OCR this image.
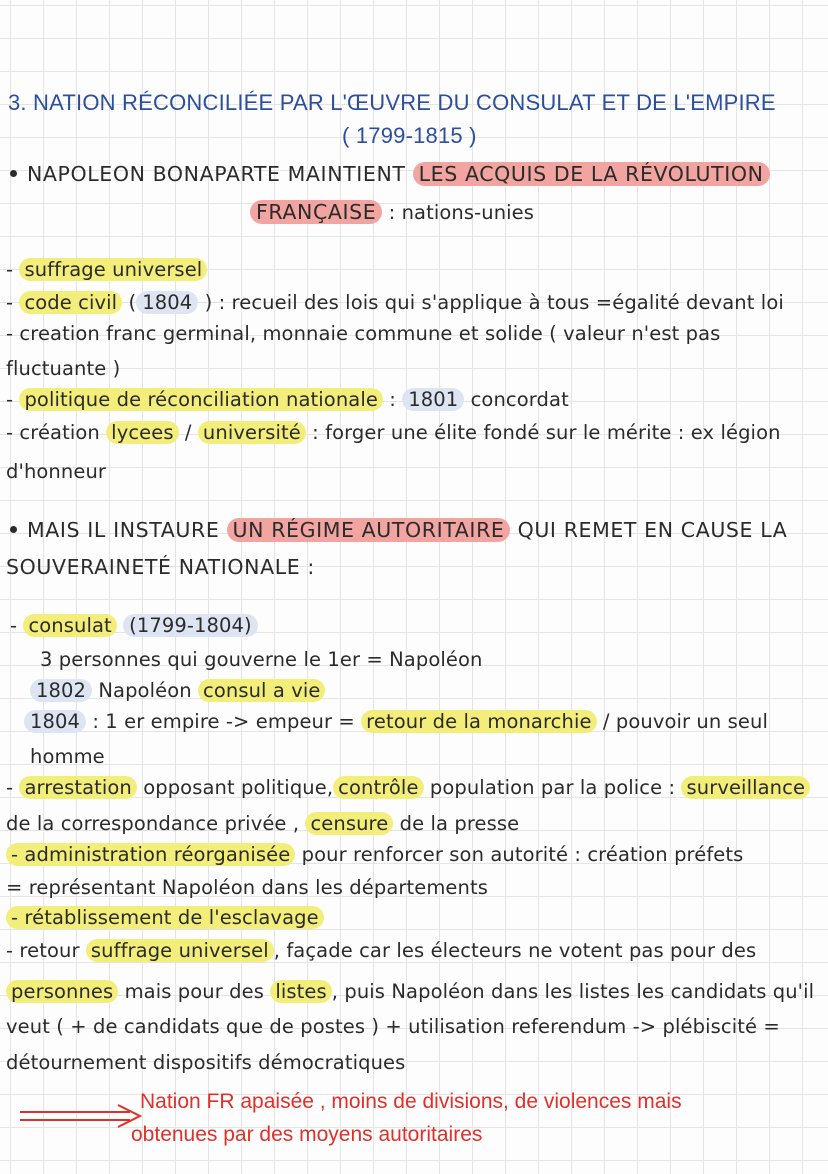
3. NATION RÉCONCILIÉE PAR L'ŒUVRE DU CONSULAT ET DE L'EMPIRE
( 1799-1815 )
NAPOLEON BONAPARTE MAINTIENT LES ACQUIS DE LA RÉVOLUTION
FRANÇAISE : nations-unies
- suffrage universel
- code civil ( 1804 ) : recueil des lois qui s'applique à tous =égalité devant loi
- creation franc germinal, monnaie commune et solide ( valeur n'est pas
fluctuante )
- politique de réconciliation nationale : 1801 concordat
- création lycees / université : forger une élite fondé sur le mérite : ex légion
d'honneur
MAIS IL INSTAURE UN RÉGIME AUTORITAIRE QUI REMET EN CAUSE LA
SOUVERAINETÉ NATIONALE :
- consulat (1799-1804)
3 personnes qui gouverne le 1er = Napoléon
1802 Napoléon consul a vie
1804 : 1 er empire -> empeur = retour de la monarchie / pouvoir un seul
homme
- arrestation opposant politique, contrôle population par la police : surveillance
de la correspondance privée , censure de la presse
- administration réorganisée pour renforcer son autorité : création préfets
= représentant Napoléon dans les départements
- rétablissement de l'esclavage
- retour suffrage universel , façade car les électeurs ne votent pas pour des
personnes mais pour des listes , puis Napoléon dans les listes les candidats qu'il
veut ( + de candidats que de postes ) + utilisation referendum -> plébiscité =
détournement dispositifs démocratiques
Nation FR apaisée , moins de divisions, de violences mais
obtenues par des moyens autoritaires
